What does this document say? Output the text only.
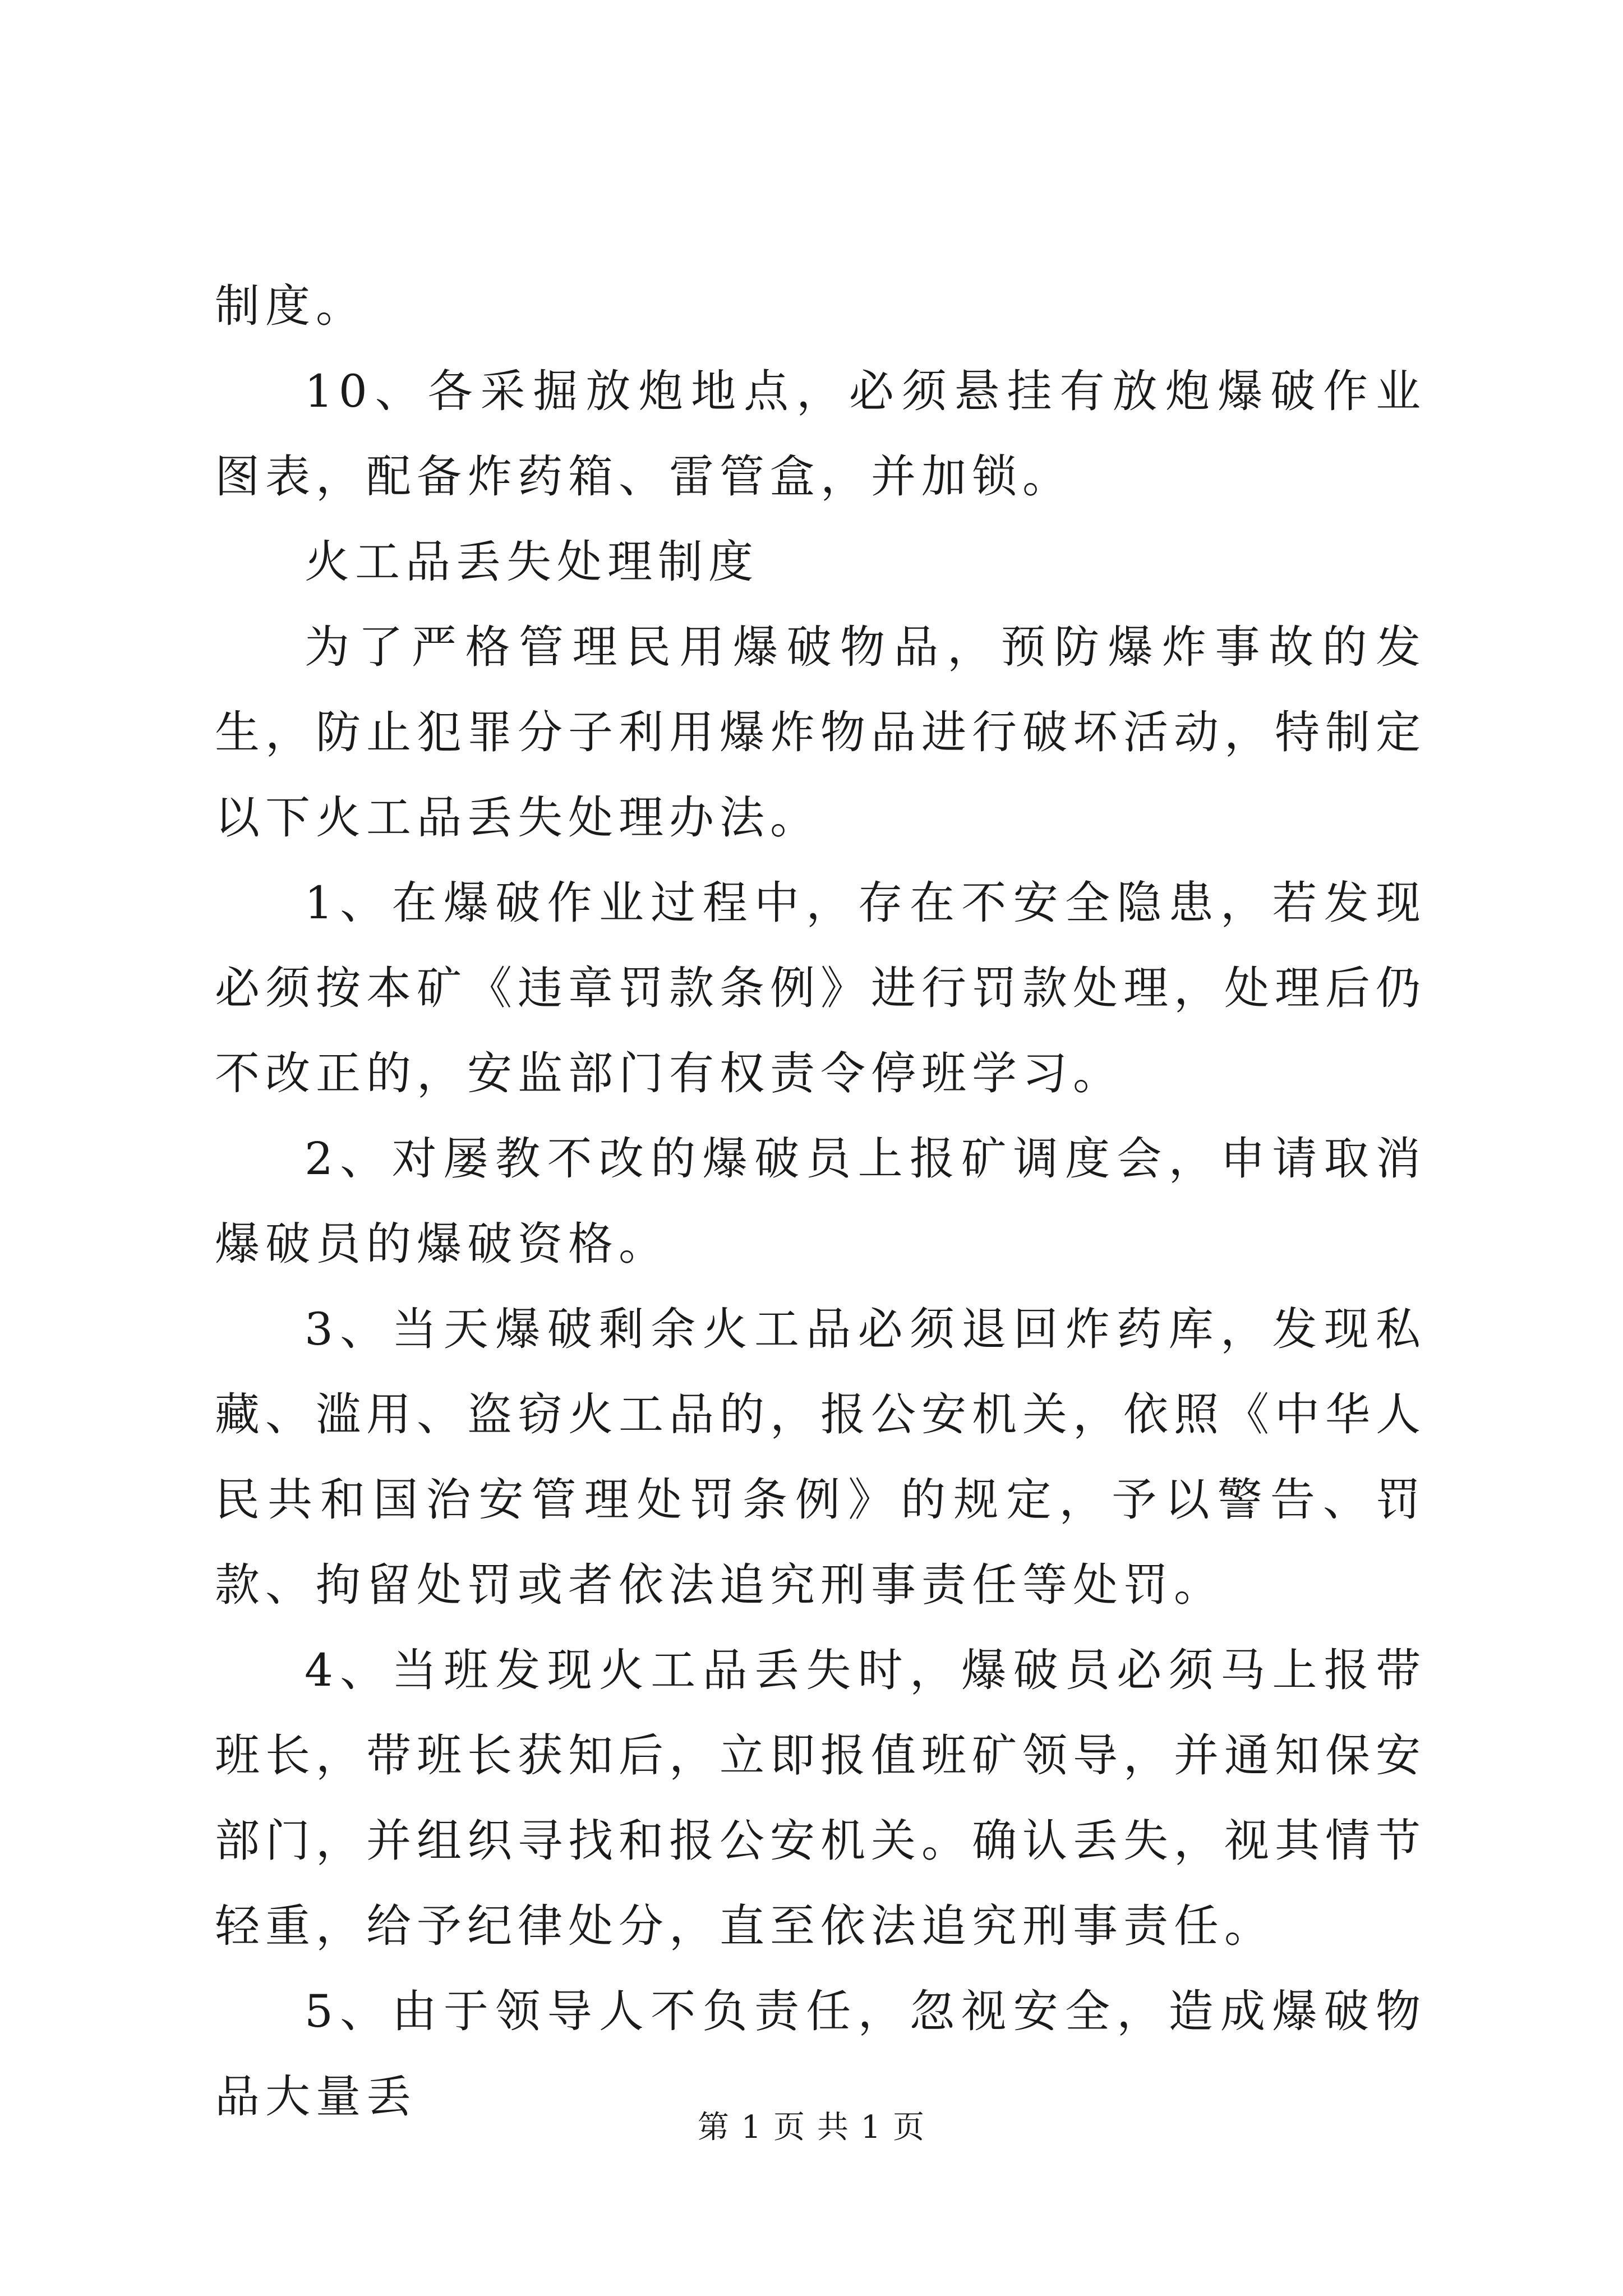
制度。

10、各采掘放炮地点，必须悬挂有放炮爆破作业图表，配备炸药箱、雷管盒，并加锁。

火工品丢失处理制度

为了严格管理民用爆破物品，预防爆炸事故的发生，防止犯罪分子利用爆炸物品进行破坏活动，特制定以下火工品丢失处理办法。

1、在爆破作业过程中，存在不安全隐患，若发现必须按本矿《违章罚款条例》进行罚款处理，处理后仍不改正的，安监部门有权责令停班学习。

2、对屡教不改的爆破员上报矿调度会，申请取消爆破员的爆破资格。

3、当天爆破剩余火工品必须退回炸药库，发现私藏、滥用、盗窃火工品的，报公安机关，依照《中华人民共和国治安管理处罚条例》的规定，予以警告、罚款、拘留处罚或者依法追究刑事责任等处罚。

4、当班发现火工品丢失时，爆破员必须马上报带班长，带班长获知后，立即报值班矿领导，并通知保安部门，并组织寻找和报公安机关。确认丢失，视其情节轻重，给予纪律处分，直至依法追究刑事责任。

5、由于领导人不负责任，忽视安全，造成爆破物品大量丢

第 1 页 共 1 页
